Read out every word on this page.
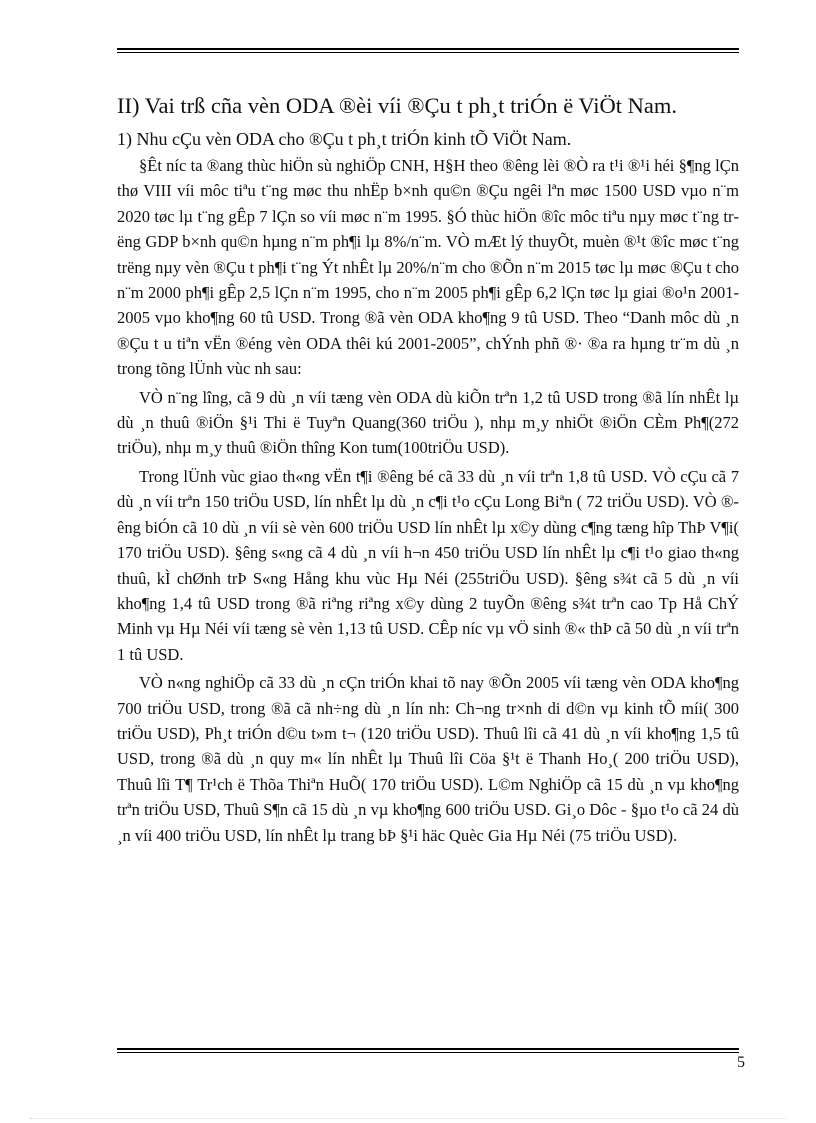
II) Vai trß cña vèn ODA ®èi víi ®Çu t ph¸t triÓn ë ViÖt Nam.
1) Nhu cÇu vèn ODA cho ®Çu t ph¸t triÓn kinh tÕ ViÖt Nam.

§Êt níc ta ®ang thùc hiÖn sù nghiÖp CNH, H§H theo ®êng lèi ®Ò ra t¹i ®¹i héi §¶ng lÇn thø VIII víi môc tiªu t¨ng møc thu nhËp b×nh qu©n ®Çu ngêi lªn møc 1500 USD vµo n¨m 2020 tøc lµ t¨ng gÊp 7 lÇn so víi møc n¨m 1995. §Ó thùc hiÖn ®îc môc tiªu nµy møc t¨ng trëng GDP b×nh qu©n hµng n¨m ph¶i lµ 8%/n¨m. VÒ mÆt lý thuyÕt, muèn ®¹t ®îc møc t¨ng trëng nµy vèn ®Çu t ph¶i t¨ng Ýt nhÊt lµ 20%/n¨m cho ®Õn n¨m 2015 tøc lµ møc ®Çu t cho n¨m 2000 ph¶i gÊp 2,5 lÇn n¨m 1995, cho n¨m 2005 ph¶i gÊp 6,2 lÇn tøc lµ giai ®o¹n 2001- 2005 vµo kho¶ng 60 tû USD. Trong ®ã vèn ODA kho¶ng 9 tû USD. Theo “Danh môc dù ¸n ®Çu t u tiªn vËn ®éng vèn ODA thêi kú 2001-2005”, chÝnh phñ ®· ®a ra hµng tr¨m dù ¸n trong tõng lÜnh vùc nh sau:

VÒ n¨ng lîng, cã 9 dù ¸n víi tæng vèn ODA dù kiÕn trªn 1,2 tû USD trong ®ã lín nhÊt lµ dù ¸n thuû ®iÖn §¹i Thi ë Tuyªn Quang(360 triÖu ), nhµ m¸y nhiÖt ®iÖn CÈm Ph¶(272 triÖu), nhµ m¸y thuû ®iÖn thîng Kon tum(100triÖu USD).

Trong lÜnh vùc giao th«ng vËn t¶i ®êng bé cã 33 dù ¸n víi trªn 1,8 tû USD. VÒ cÇu cã 7 dù ¸n víi trªn 150 triÖu USD, lín nhÊt lµ dù ¸n c¶i t¹o cÇu Long Biªn ( 72 triÖu USD). VÒ ®êng biÓn cã 10 dù ¸n víi sè vèn 600 triÖu USD lín nhÊt lµ x©y dùng c¶ng tæng hîp ThÞ V¶i( 170 triÖu USD). §êng s«ng cã 4 dù ¸n víi h¬n 450 triÖu USD lín nhÊt lµ c¶i t¹o giao th«ng thuû, kÌ chØnh trÞ S«ng Hång khu vùc Hµ Néi (255triÖu USD). §êng s¾t cã 5 dù ¸n víi kho¶ng 1,4 tû USD trong ®ã riªng riªng x©y dùng 2 tuyÕn ®êng s¾t trªn cao Tp Hå ChÝ Minh vµ Hµ Néi víi tæng sè vèn 1,13 tû USD. CÊp níc vµ vÖ sinh ®« thÞ cã 50 dù ¸n víi trªn 1 tû USD.

VÒ n«ng nghiÖp cã 33 dù ¸n cÇn triÓn khai tõ nay ®Õn 2005 víi tæng vèn ODA kho¶ng 700 triÖu USD, trong ®ã cã nh÷ng dù ¸n lín nh: Ch¬ng tr×nh di d©n vµ kinh tÕ míi( 300 triÖu USD), Ph¸t triÓn d©u t»m t¬ (120 triÖu USD). Thuû lîi cã 41 dù ¸n víi kho¶ng 1,5 tû USD, trong ®ã dù ¸n quy m« lín nhÊt lµ Thuû lîi Cöa §¹t ë Thanh Ho¸( 200 triÖu USD), Thuû lîi T¶ Tr¹ch ë Thõa Thiªn HuÕ( 170 triÖu USD). L©m NghiÖp cã 15 dù ¸n vµ kho¶ng trªn triÖu USD, Thuû S¶n cã 15 dù ¸n vµ kho¶ng 600 triÖu USD. Gi¸o Dôc - §µo t¹o cã 24 dù ¸n víi 400 triÖu USD, lín nhÊt lµ trang bÞ §¹i häc Quèc Gia Hµ Néi (75 triÖu USD).

5
